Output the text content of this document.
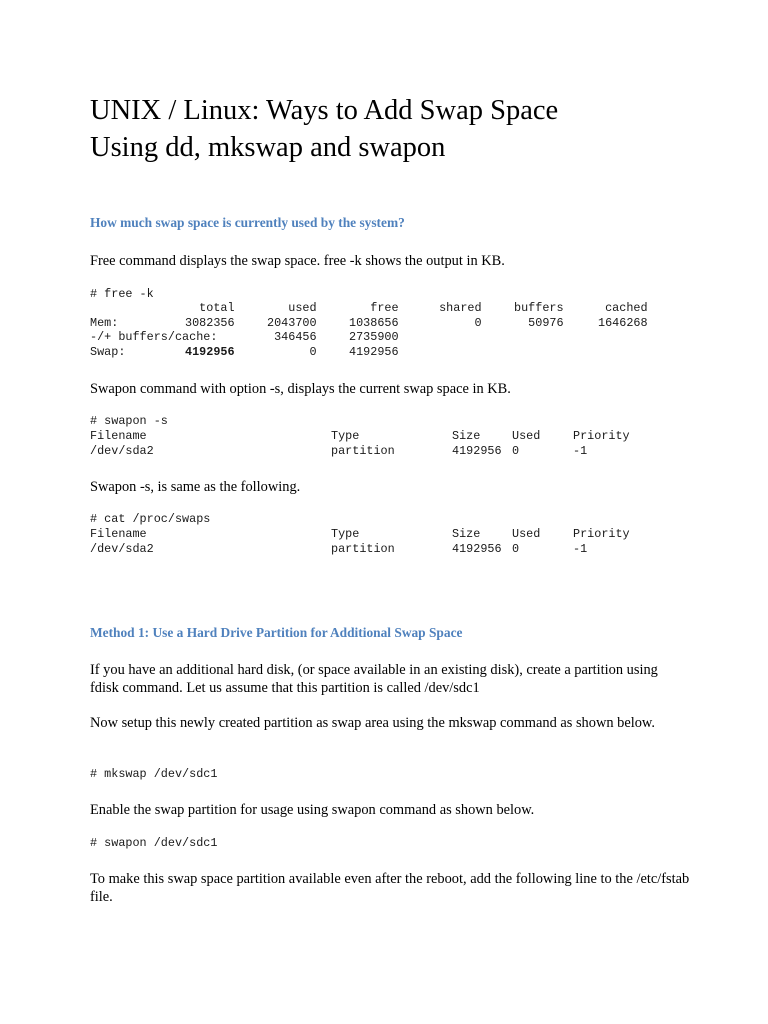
UNIX / Linux: Ways to Add Swap Space
Using dd, mkswap and swapon
How much swap space is currently used by the system?

Free command displays the swap space. free -k shows the output in KB.

# free -k
	total	used	free	shared	buffers	cached
Mem:	3082356	2043700	1038656	0	50976	1646268
-/+ buffers/cache:		346456	2735900			
Swap:	4192956	0	4192956			

Swapon command with option -s, displays the current swap space in KB.

# swapon -s
Filename	Type	Size	Used	Priority
/dev/sda2	partition	4192956	0	-1

Swapon -s, is same as the following.

# cat /proc/swaps
Filename	Type	Size	Used	Priority
/dev/sda2	partition	4192956	0	-1
Method 1: Use a Hard Drive Partition for Additional Swap Space

If you have an additional hard disk, (or space available in an existing disk), create a partition using fdisk command. Let us assume that this partition is called /dev/sdc1

Now setup this newly created partition as swap area using the mkswap command as shown below.

# mkswap /dev/sdc1

Enable the swap partition for usage using swapon command as shown below.

# swapon /dev/sdc1

To make this swap space partition available even after the reboot, add the following line to the /etc/fstab file.
